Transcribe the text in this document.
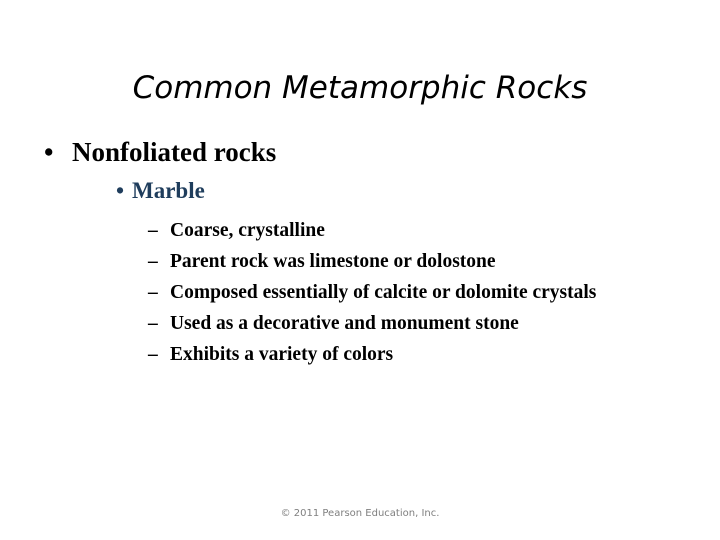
Common Metamorphic Rocks
• Nonfoliated rocks
• Marble
– Coarse, crystalline
– Parent rock was limestone or dolostone
– Composed essentially of calcite or dolomite crystals
– Used as a decorative and monument stone
– Exhibits a variety of colors
© 2011 Pearson Education, Inc.
